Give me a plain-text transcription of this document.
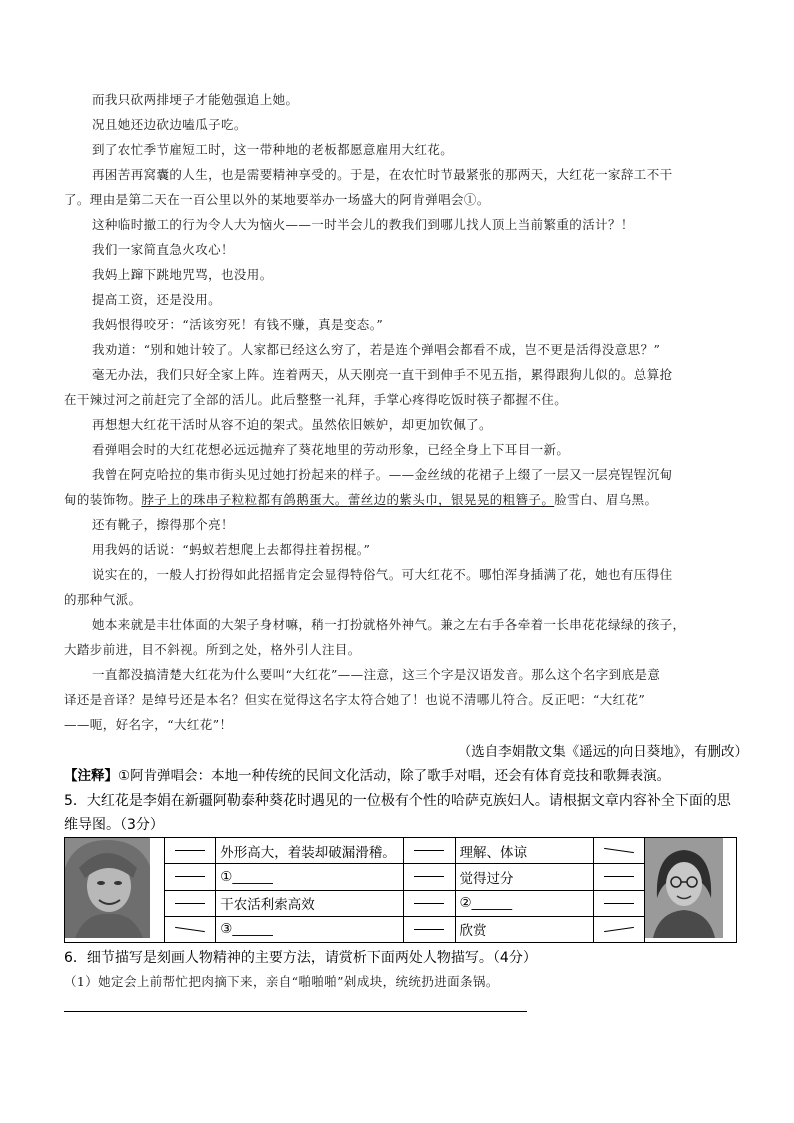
而我只砍两排埂子才能勉强追上她。
况且她还边砍边嗑瓜子吃。
到了农忙季节雇短工时，这一带种地的老板都愿意雇用大红花。
再困苦再窝囊的人生，也是需要精神享受的。于是，在农忙时节最紧张的那两天，大红花一家辞工不干
了。理由是第二天在一百公里以外的某地要举办一场盛大的阿肯弹唱会①。
这种临时撤工的行为令人大为恼火——一时半会儿的教我们到哪儿找人顶上当前繁重的活计？！
我们一家简直急火攻心！
我妈上蹿下跳地咒骂，也没用。
提高工资，还是没用。
我妈恨得咬牙：“活该穷死！有钱不赚，真是变态。”
我劝道：“别和她计较了。人家都已经这么穷了，若是连个弹唱会都看不成，岂不更是活得没意思？”
毫无办法，我们只好全家上阵。连着两天，从天刚亮一直干到伸手不见五指，累得跟狗儿似的。总算抢
在干辣过河之前赶完了全部的活儿。此后整整一礼拜，手掌心疼得吃饭时筷子都握不住。
再想想大红花干活时从容不迫的架式。虽然依旧嫉妒，却更加钦佩了。
看弹唱会时的大红花想必远远抛弃了葵花地里的劳动形象，已经全身上下耳目一新。
我曾在阿克哈拉的集市街头见过她打扮起来的样子。——金丝绒的花裙子上缀了一层又一层亮锃锃沉甸
甸的装饰物。脖子上的珠串子粒粒都有鸽鹅蛋大。蕾丝边的紫头巾，银晃晃的粗簪子。脸雪白、眉乌黑。
还有靴子，擦得那个亮！
用我妈的话说：“蚂蚁若想爬上去都得拄着拐棍。”
说实在的，一般人打扮得如此招摇肯定会显得特俗气。可大红花不。哪怕浑身插满了花，她也有压得住
的那种气派。
她本来就是丰壮体面的大架子身材嘛，稍一打扮就格外神气。兼之左右手各牵着一长串花花绿绿的孩子，
大踏步前进，目不斜视。所到之处，格外引人注目。
一直都没搞清楚大红花为什么要叫“大红花”——注意，这三个字是汉语发音。那么这个名字到底是意
译还是音译？是绰号还是本名？但实在觉得这名字太符合她了！也说不清哪儿符合。反正吧：“大红花”
——呃，好名字，“大红花”！
（选自李娟散文集《遥远的向日葵地》，有删改）
【注释】①阿肯弹唱会：本地一种传统的民间文化活动，除了歌手对唱，还会有体育竞技和歌舞表演。
5．大红花是李娟在新疆阿勒泰种葵花时遇见的一位极有个性的哈萨克族妇人。请根据文章内容补全下面的思
维导图。（3分）
		外形高大，着装却破漏滑稽。		理解、体谅		
		①______		觉得过分		
		干农活利索高效		②______		
		③______		欣赏		
6．细节描写是刻画人物精神的主要方法，请赏析下面两处人物描写。（4分）
（1）她定会上前帮忙把肉摘下来，亲自“啪啪啪”剁成块，统统扔进面条锅。
